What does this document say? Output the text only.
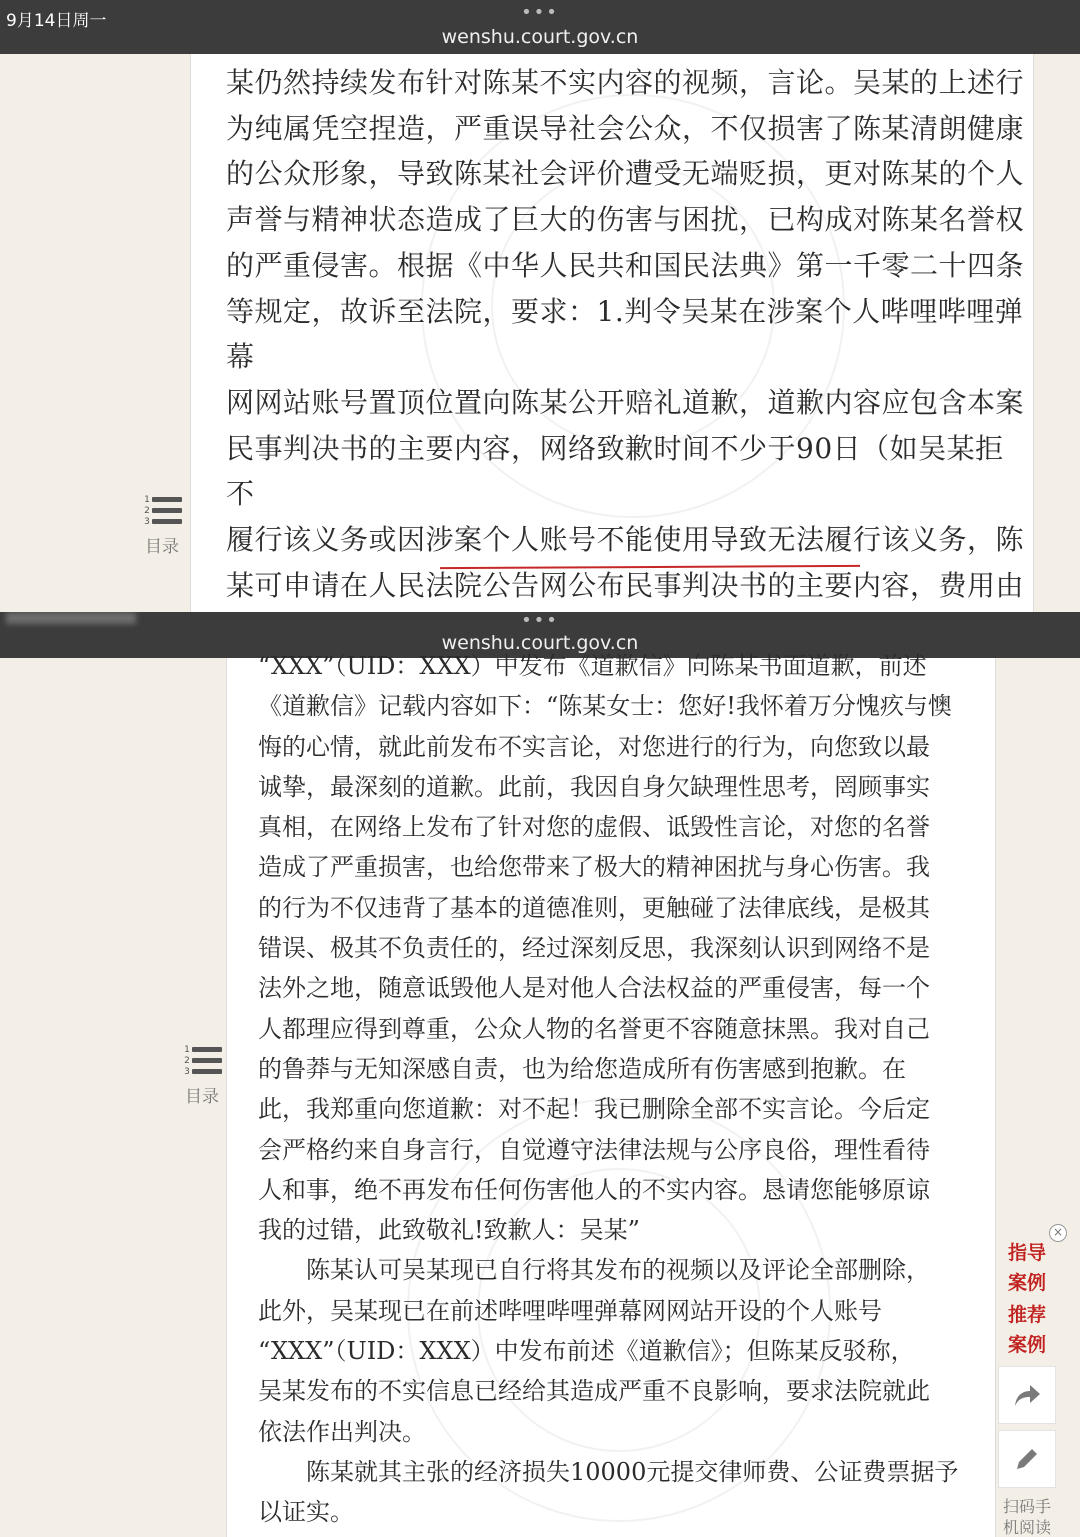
9月14日周一	•••
wenshu.court.gov.cn

某仍然持续发布针对陈某不实内容的视频，言论。吴某的上述行

为纯属凭空捏造，严重误导社会公众，不仅损害了陈某清朗健康

的公众形象，导致陈某社会评价遭受无端贬损，更对陈某的个人

声誉与精神状态造成了巨大的伤害与困扰，已构成对陈某名誉权

的严重侵害。根据《中华人民共和国民法典》第一千零二十四条

等规定，故诉至法院，要求：1.判令吴某在涉案个人哔哩哔哩弹幕

网网站账号置顶位置向陈某公开赔礼道歉，道歉内容应包含本案

民事判决书的主要内容，网络致歉时间不少于90日（如吴某拒不

履行该义务或因涉案个人账号不能使用导致无法履行该义务，陈

某可申请在人民法院公告网公布民事判决书的主要内容，费用由

1
2
3
目录
•••
wenshu.court.gov.cn

“XXX”（UID：XXX）中发布《道歉信》向陈某书面道歉，前述

《道歉信》记载内容如下：“陈某女士：您好!我怀着万分愧疚与懊

悔的心情，就此前发布不实言论，对您进行的行为，向您致以最

诚挚，最深刻的道歉。此前，我因自身欠缺理性思考，罔顾事实

真相，在网络上发布了针对您的虚假、诋毁性言论，对您的名誉

造成了严重损害，也给您带来了极大的精神困扰与身心伤害。我

的行为不仅违背了基本的道德准则，更触碰了法律底线，是极其

错误、极其不负责任的，经过深刻反思，我深刻认识到网络不是

法外之地，随意诋毁他人是对他人合法权益的严重侵害，每一个

人都理应得到尊重，公众人物的名誉更不容随意抹黑。我对自己

的鲁莽与无知深感自责，也为给您造成所有伤害感到抱歉。在

此，我郑重向您道歉：对不起！我已删除全部不实言论。今后定

会严格约来自身言行，自觉遵守法律法规与公序良俗，理性看待

人和事，绝不再发布任何伤害他人的不实内容。恳请您能够原谅

我的过错，此致敬礼!致歉人：吴某”

陈某认可吴某现已自行将其发布的视频以及评论全部删除，

此外，吴某现已在前述哔哩哔哩弹幕网网站开设的个人账号

“XXX”（UID：XXX）中发布前述《道歉信》；但陈某反驳称，

吴某发布的不实信息已经给其造成严重不良影响，要求法院就此

依法作出判决。

陈某就其主张的经济损失10000元提交律师费、公证费票据予

以证实。

1
2
3
目录
×
指导
案例
推荐
案例
扫码手
机阅读
